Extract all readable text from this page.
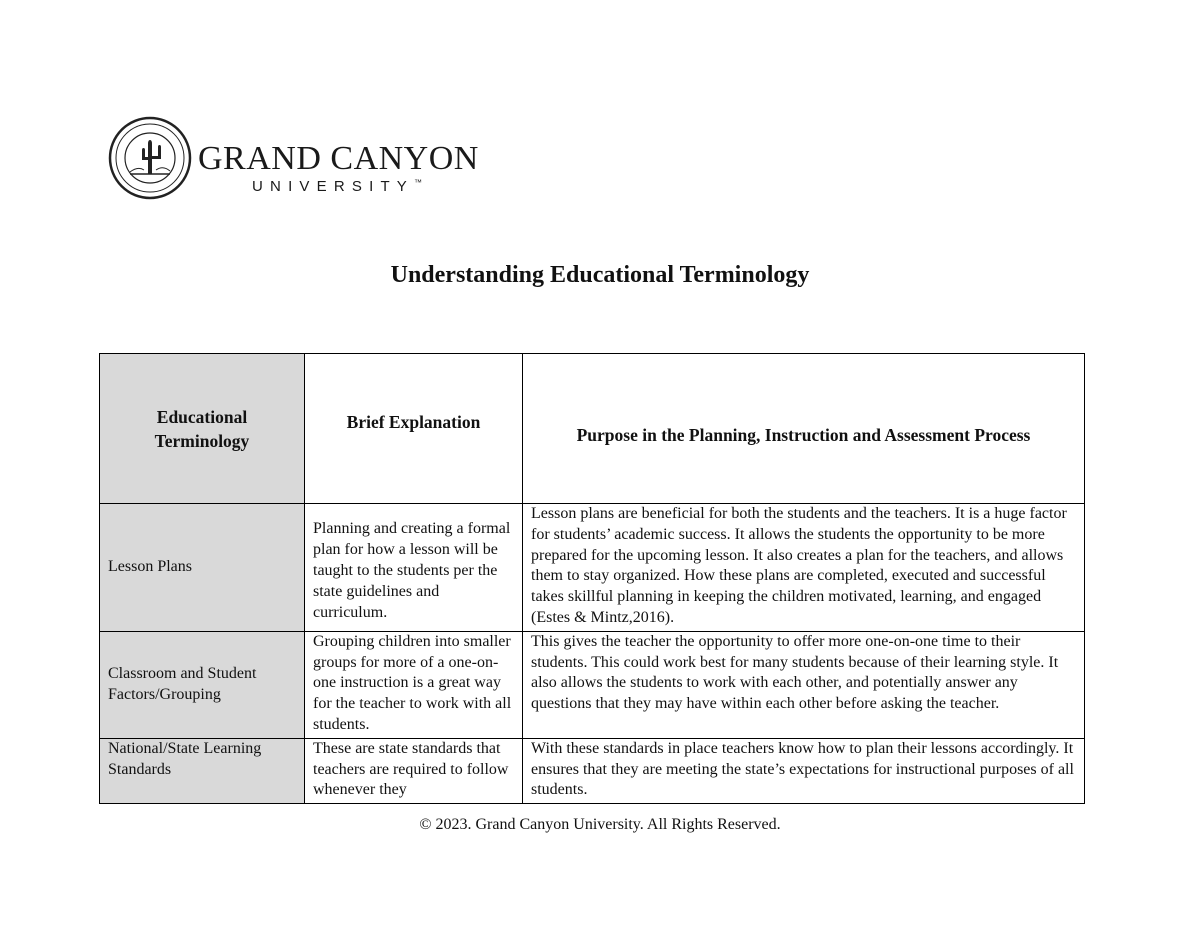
GRAND CANYON
UNIVERSITY™
Understanding Educational Terminology
Educational Terminology	Brief Explanation	Purpose in the Planning, Instruction and Assessment Process
Lesson Plans	Planning and creating a formal plan for how a lesson will be taught to the students per the state guidelines and curriculum.	Lesson plans are beneficial for both the students and the teachers. It is a huge factor for students’ academic success. It allows the students the opportunity to be more prepared for the upcoming lesson. It also creates a plan for the teachers, and allows them to stay organized. How these plans are completed, executed and successful takes skillful planning in keeping the children motivated, learning, and engaged (Estes & Mintz,2016).
Classroom and Student Factors/Grouping	Grouping children into smaller groups for more of a one-on-one instruction is a great way for the teacher to work with all students.	This gives the teacher the opportunity to offer more one-on-one time to their students. This could work best for many students because of their learning style. It also allows the students to work with each other, and potentially answer any questions that they may have within each other before asking the teacher.
National/State Learning Standards	These are state standards that teachers are required to follow whenever they	With these standards in place teachers know how to plan their lessons accordingly. It ensures that they are meeting the state’s expectations for instructional purposes of all students.
© 2023. Grand Canyon University. All Rights Reserved.
